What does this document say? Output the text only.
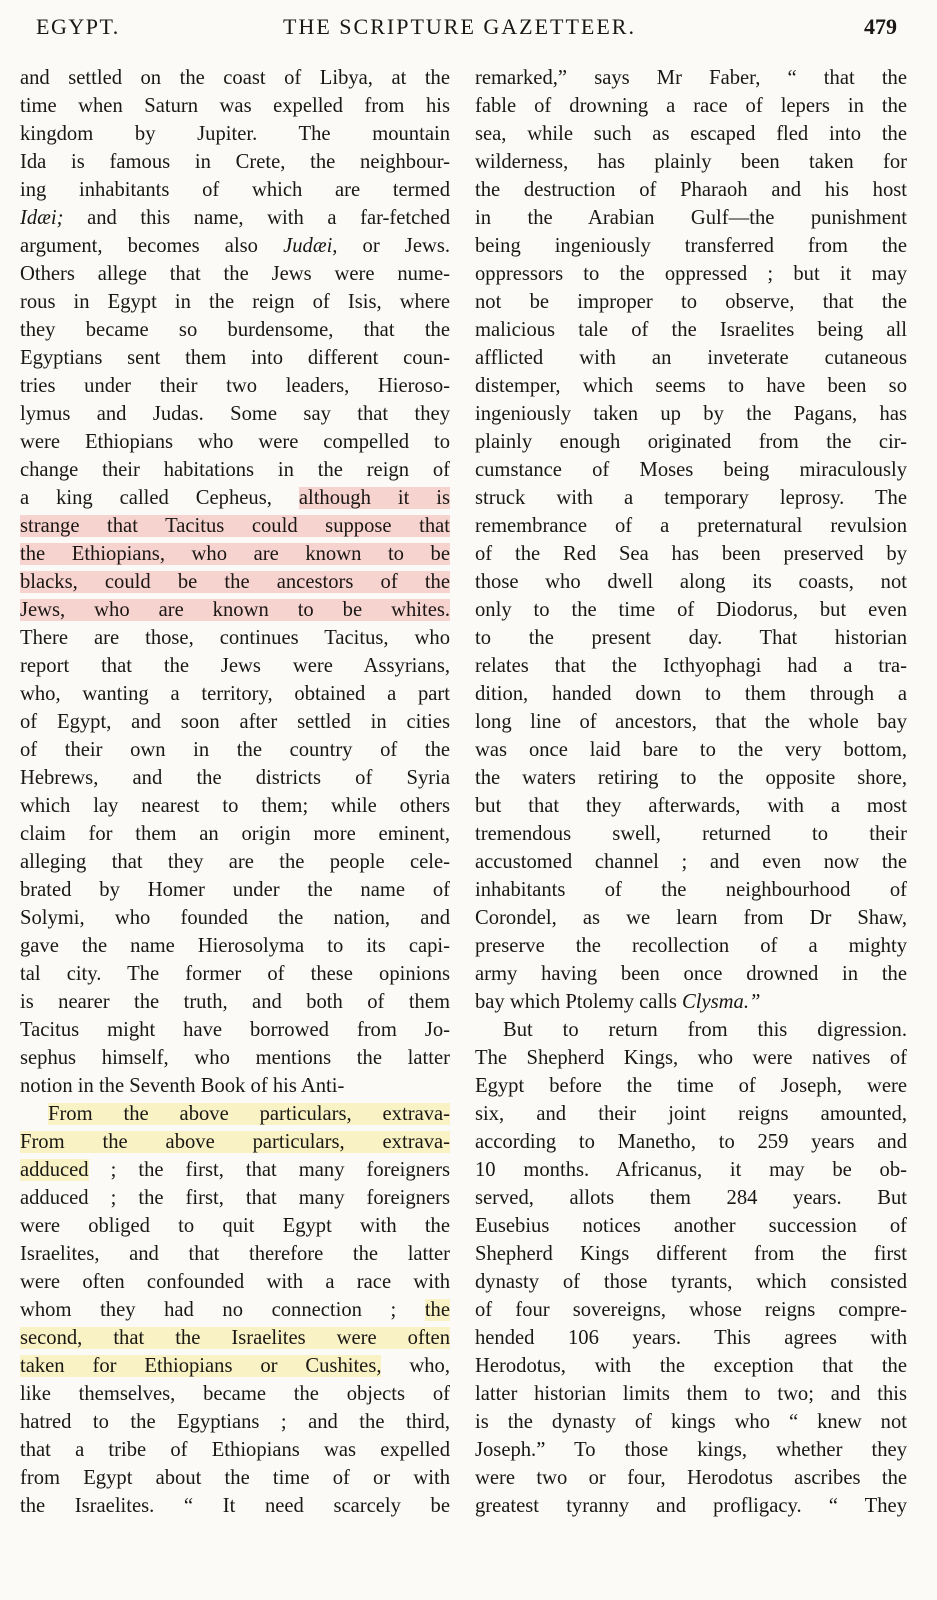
EGYPT.	THE SCRIPTURE GAZETTEER.	479
and settled on the coast of Libya, at the
time when Saturn was expelled from his
kingdom by Jupiter. The mountain
Ida is famous in Crete, the neighbour-
ing inhabitants of which are termed
Idæi; and this name, with a far-fetched
argument, becomes also Judæi, or Jews.
Others allege that the Jews were nume-
rous in Egypt in the reign of Isis, where
they became so burdensome, that the
Egyptians sent them into different coun-
tries under their two leaders, Hieroso-
lymus and Judas. Some say that they
were Ethiopians who were compelled to
change their habitations in the reign of
a king called Cepheus, although it is
strange that Tacitus could suppose that
the Ethiopians, who are known to be
blacks, could be the ancestors of the
Jews, who are known to be whites.
There are those, continues Tacitus, who
report that the Jews were Assyrians,
who, wanting a territory, obtained a part
of Egypt, and soon after settled in cities
of their own in the country of the
Hebrews, and the districts of Syria
which lay nearest to them; while others
claim for them an origin more eminent,
alleging that they are the people cele-
brated by Homer under the name of
Solymi, who founded the nation, and
gave the name Hierosolyma to its capi-
tal city. The former of these opinions
is nearer the truth, and both of them
Tacitus might have borrowed from Jo-
sephus himself, who mentions the latter
notion in the Seventh Book of his Anti-
From the above particulars, extrava-
From the above particulars, extrava-
adduced ; the first, that many foreigners
adduced ; the first, that many foreigners
were obliged to quit Egypt with the
Israelites, and that therefore the latter
were often confounded with a race with
whom they had no connection ; the
second, that the Israelites were often
taken for Ethiopians or Cushites, who,
like themselves, became the objects of
hatred to the Egyptians ; and the third,
that a tribe of Ethiopians was expelled
from Egypt about the time of or with
the Israelites. “ It need scarcely be
remarked,” says Mr Faber, “ that the
fable of drowning a race of lepers in the
sea, while such as escaped fled into the
wilderness, has plainly been taken for
the destruction of Pharaoh and his host
in the Arabian Gulf—the punishment
being ingeniously transferred from the
oppressors to the oppressed ; but it may
not be improper to observe, that the
malicious tale of the Israelites being all
afflicted with an inveterate cutaneous
distemper, which seems to have been so
ingeniously taken up by the Pagans, has
plainly enough originated from the cir-
cumstance of Moses being miraculously
struck with a temporary leprosy. The
remembrance of a preternatural revulsion
of the Red Sea has been preserved by
those who dwell along its coasts, not
only to the time of Diodorus, but even
to the present day. That historian
relates that the Icthyophagi had a tra-
dition, handed down to them through a
long line of ancestors, that the whole bay
was once laid bare to the very bottom,
the waters retiring to the opposite shore,
but that they afterwards, with a most
tremendous swell, returned to their
accustomed channel ; and even now the
inhabitants of the neighbourhood of
Corondel, as we learn from Dr Shaw,
preserve the recollection of a mighty
army having been once drowned in the
bay which Ptolemy calls Clysma.”
But to return from this digression.
The Shepherd Kings, who were natives of
Egypt before the time of Joseph, were
six, and their joint reigns amounted,
according to Manetho, to 259 years and
10 months. Africanus, it may be ob-
served, allots them 284 years. But
Eusebius notices another succession of
Shepherd Kings different from the first
dynasty of those tyrants, which consisted
of four sovereigns, whose reigns compre-
hended 106 years. This agrees with
Herodotus, with the exception that the
latter historian limits them to two; and this
is the dynasty of kings who “ knew not
Joseph.” To those kings, whether they
were two or four, Herodotus ascribes the
greatest tyranny and profligacy. “ They
